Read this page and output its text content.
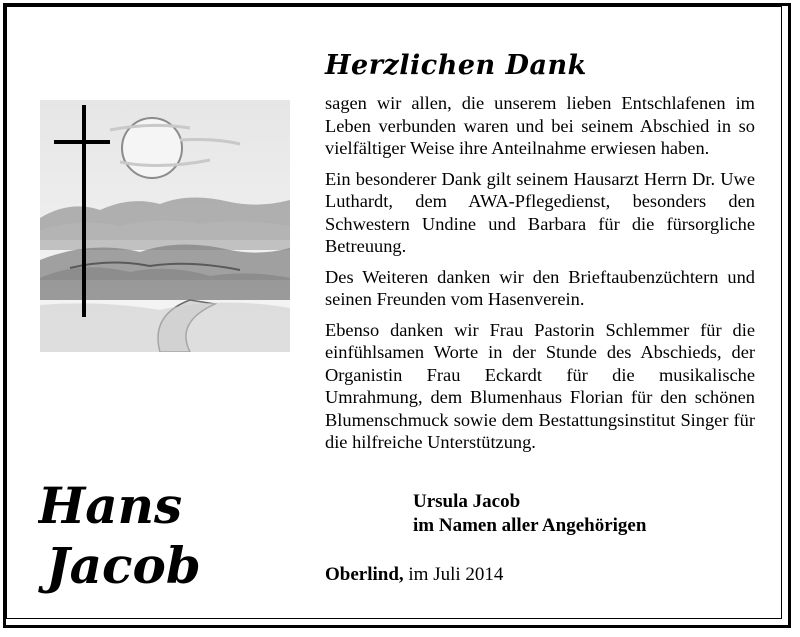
Hans
Jacob
Herzlichen Dank

sagen wir allen, die unserem lieben Entschlafenen im Leben verbunden waren und bei seinem Abschied in so vielfältiger Weise ihre Anteilnahme erwiesen haben.

Ein besonderer Dank gilt seinem Hausarzt Herrn Dr. Uwe Luthardt, dem AWA-Pflegedienst, besonders den Schwestern Undine und Barbara für die fürsorgliche Betreuung.

Des Weiteren danken wir den Brieftaubenzüchtern und seinen Freunden vom Hasenverein.

Ebenso danken wir Frau Pastorin Schlemmer für die einfühlsamen Worte in der Stunde des Abschieds, der Organistin Frau Eckardt für die musikalische Umrahmung, dem Blumenhaus Florian für den schönen Blumenschmuck sowie dem Bestattungsinstitut Singer für die hilfreiche Unterstützung.

Ursula Jacob
im Namen aller Angehörigen
Oberlind, im Juli 2014
